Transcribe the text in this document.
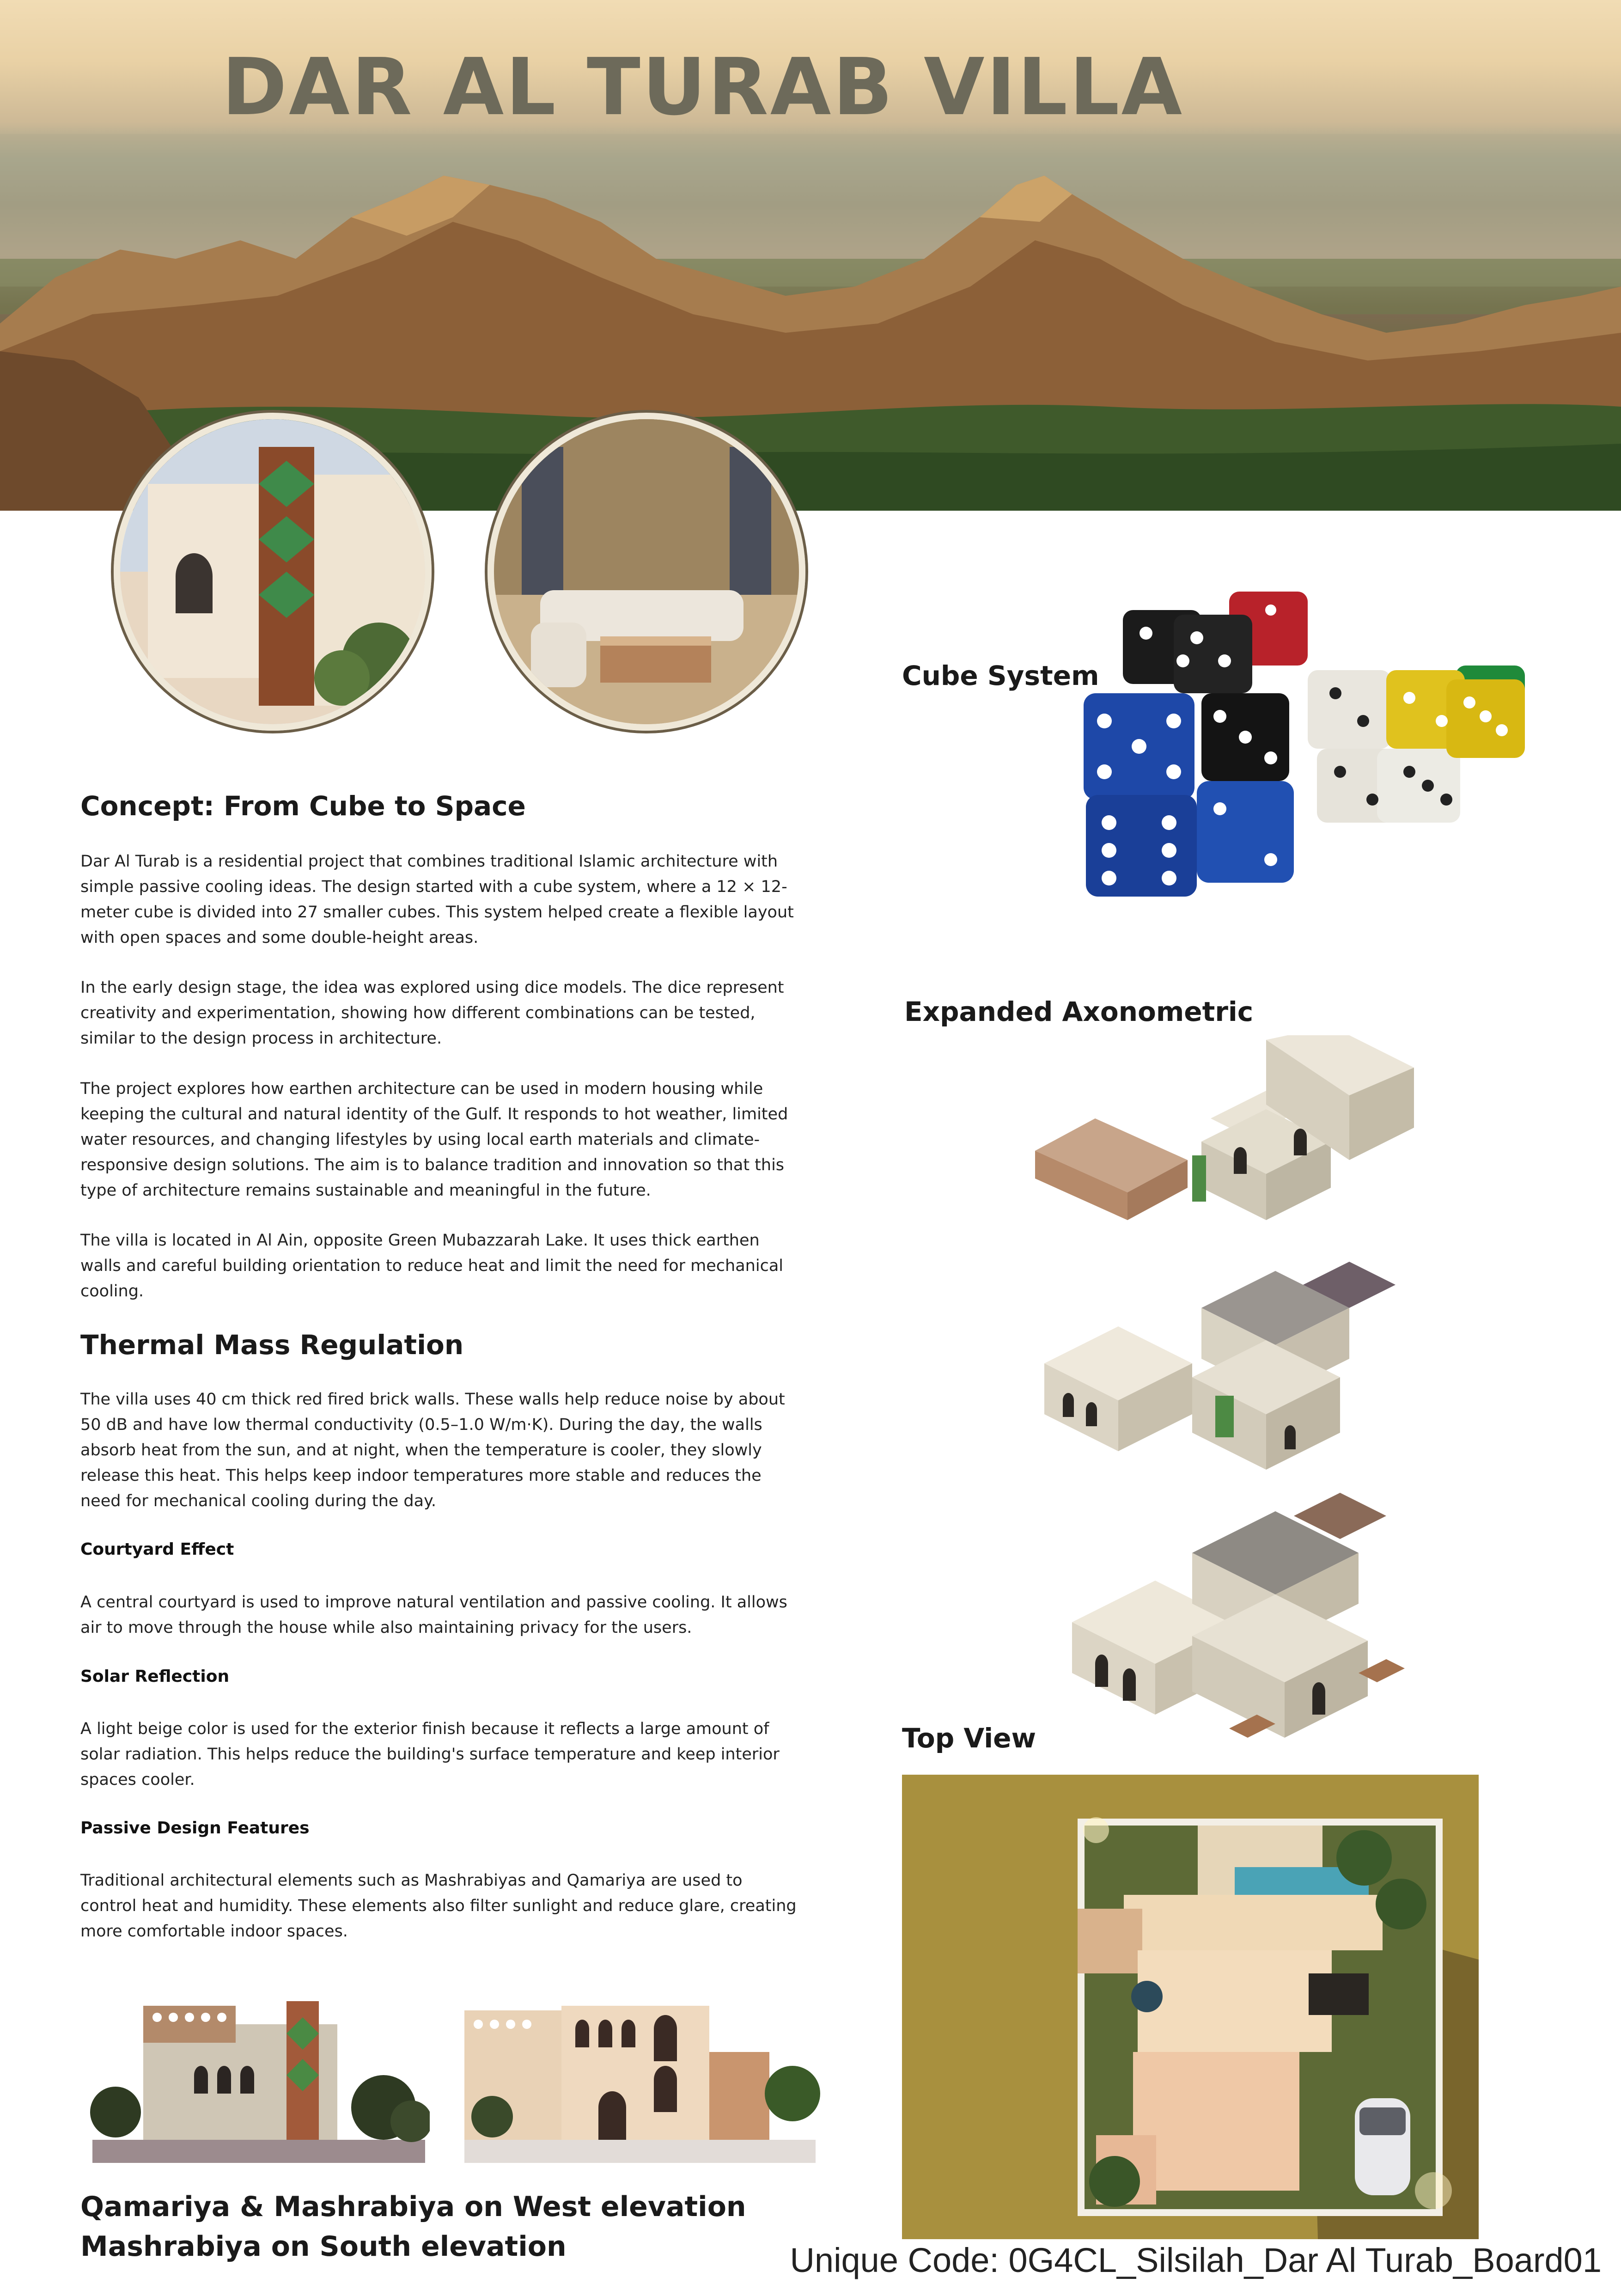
DAR AL TURAB VILLA
Concept: From Cube to Space

Dar Al Turab is a residential project that combines traditional Islamic architecture with simple passive cooling ideas. The design started with a cube system, where a 12 × 12-meter cube is divided into 27 smaller cubes. This system helped create a flexible layout with open spaces and some double-height areas.

In the early design stage, the idea was explored using dice models. The dice represent creativity and experimentation, showing how different combinations can be tested, similar to the design process in architecture.

The project explores how earthen architecture can be used in modern housing while keeping the cultural and natural identity of the Gulf. It responds to hot weather, limited water resources, and changing lifestyles by using local earth materials and climate-responsive design solutions. The aim is to balance tradition and innovation so that this type of architecture remains sustainable and meaningful in the future.

The villa is located in Al Ain, opposite Green Mubazzarah Lake. It uses thick earthen walls and careful building orientation to reduce heat and limit the need for mechanical cooling.

Thermal Mass Regulation

The villa uses 40 cm thick red fired brick walls. These walls help reduce noise by about 50 dB and have low thermal conductivity (0.5–1.0 W/m·K). During the day, the walls absorb heat from the sun, and at night, when the temperature is cooler, they slowly release this heat. This helps keep indoor temperatures more stable and reduces the need for mechanical cooling during the day.

Courtyard Effect

A central courtyard is used to improve natural ventilation and passive cooling. It allows air to move through the house while also maintaining privacy for the users.

Solar Reflection

A light beige color is used for the exterior finish because it reflects a large amount of solar radiation. This helps reduce the building's surface temperature and keep interior spaces cooler.

Passive Design Features

Traditional architectural elements such as Mashrabiyas and Qamariya are used to control heat and humidity. These elements also filter sunlight and reduce glare, creating more comfortable indoor spaces.

Qamariya & Mashrabiya on West elevation
Mashrabiya on South elevation
Cube System
Expanded Axonometric
Top View
Unique Code: 0G4CL_Silsilah_Dar Al Turab_Board01
